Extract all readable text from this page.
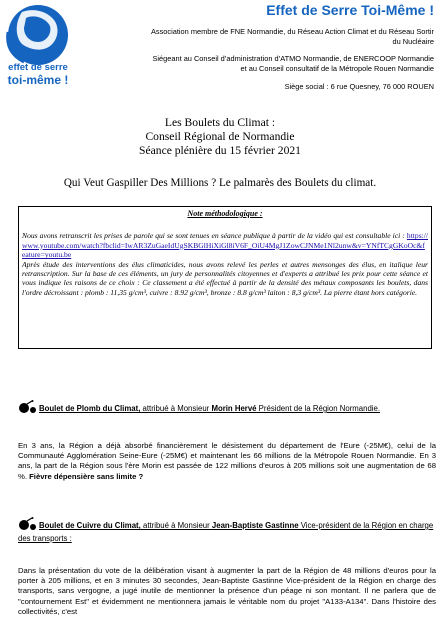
association
effet de serre
toi-même !
Effet de Serre Toi-Même !
Association membre de FNE Normandie, du Réseau Action Climat et du Réseau Sortir
du Nucléaire
Siégeant au Conseil d’administration d’ATMO Normandie, de ENERCOOP Normandie
et au Conseil consultatif de la Métropole Rouen Normandie
Siège social : 6 rue Quesney, 76 000 ROUEN
Les Boulets du Climat :
Conseil Régional de Normandie
Séance plénière du 15 février 2021
Qui Veut Gaspiller Des Millions ? Le palmarès des Boulets du climat.
Note méthodologique :
Nous avons retranscrit les prises de parole qui se sont tenues en séance publique à partir de la vidéo qui est consultable ici : https://www.youtube.com/watch?fbclid=IwAR3ZuGaeIdUgSKBGlHiXiGl8iV6F_OiU4MgJ1ZowCJNMe1Nl2unw&v=YNfTCgGKoOc&feature=youtu.be
Après étude des interventions des élus climaticides, nous avons relevé les perles et autres mensonges des élus, en italique leur retranscription. Sur la base de ces éléments, un jury de personnalités citoyennes et d'experts a attribué les prix pour cette séance et vous indique les raisons de ce choix : Ce classement a été effectué à partir de la densité des métaux composants les boulets, dans l'ordre décroissant : plomb : 11,35 g/cm³, cuivre : 8.92 g/cm³, bronze : 8.8 g/cm³ laiton : 8,3 g/cm³. La pierre étant hors catégorie.
Boulet de Plomb du Climat, attribué à Monsieur Morin Hervé Président de la Région Normandie.
En 3 ans, la Région a déjà absorbé financièrement le désistement du département de l'Eure (-25M€), celui de la Communauté Agglomération Seine-Eure (-25M€) et maintenant les 66 millions de la Métropole Rouen Normandie. En 3 ans, la part de la Région sous l'ère Morin est passée de 122 millions d'euros à 205 millions soit une augmentation de 68 %. Fièvre dépensière sans limite ?
Boulet de Cuivre du Climat, attribué à Monsieur Jean-Baptiste Gastinne Vice-président de la Région en charge des transports :
Dans la présentation du vote de la délibération visant à augmenter la part de la Région de 48 millions d'euros pour la porter à 205 millions, et en 3 minutes 30 secondes, Jean-Baptiste Gastinne Vice-président de la Région en charge des transports, sans vergogne, a jugé inutile de mentionner la présence d'un péage ni son montant. Il ne parlera que de "contournement Est" et évidemment ne mentionnera jamais le véritable nom du projet "A133-A134". Dans l'histoire des collectivités, c'est
